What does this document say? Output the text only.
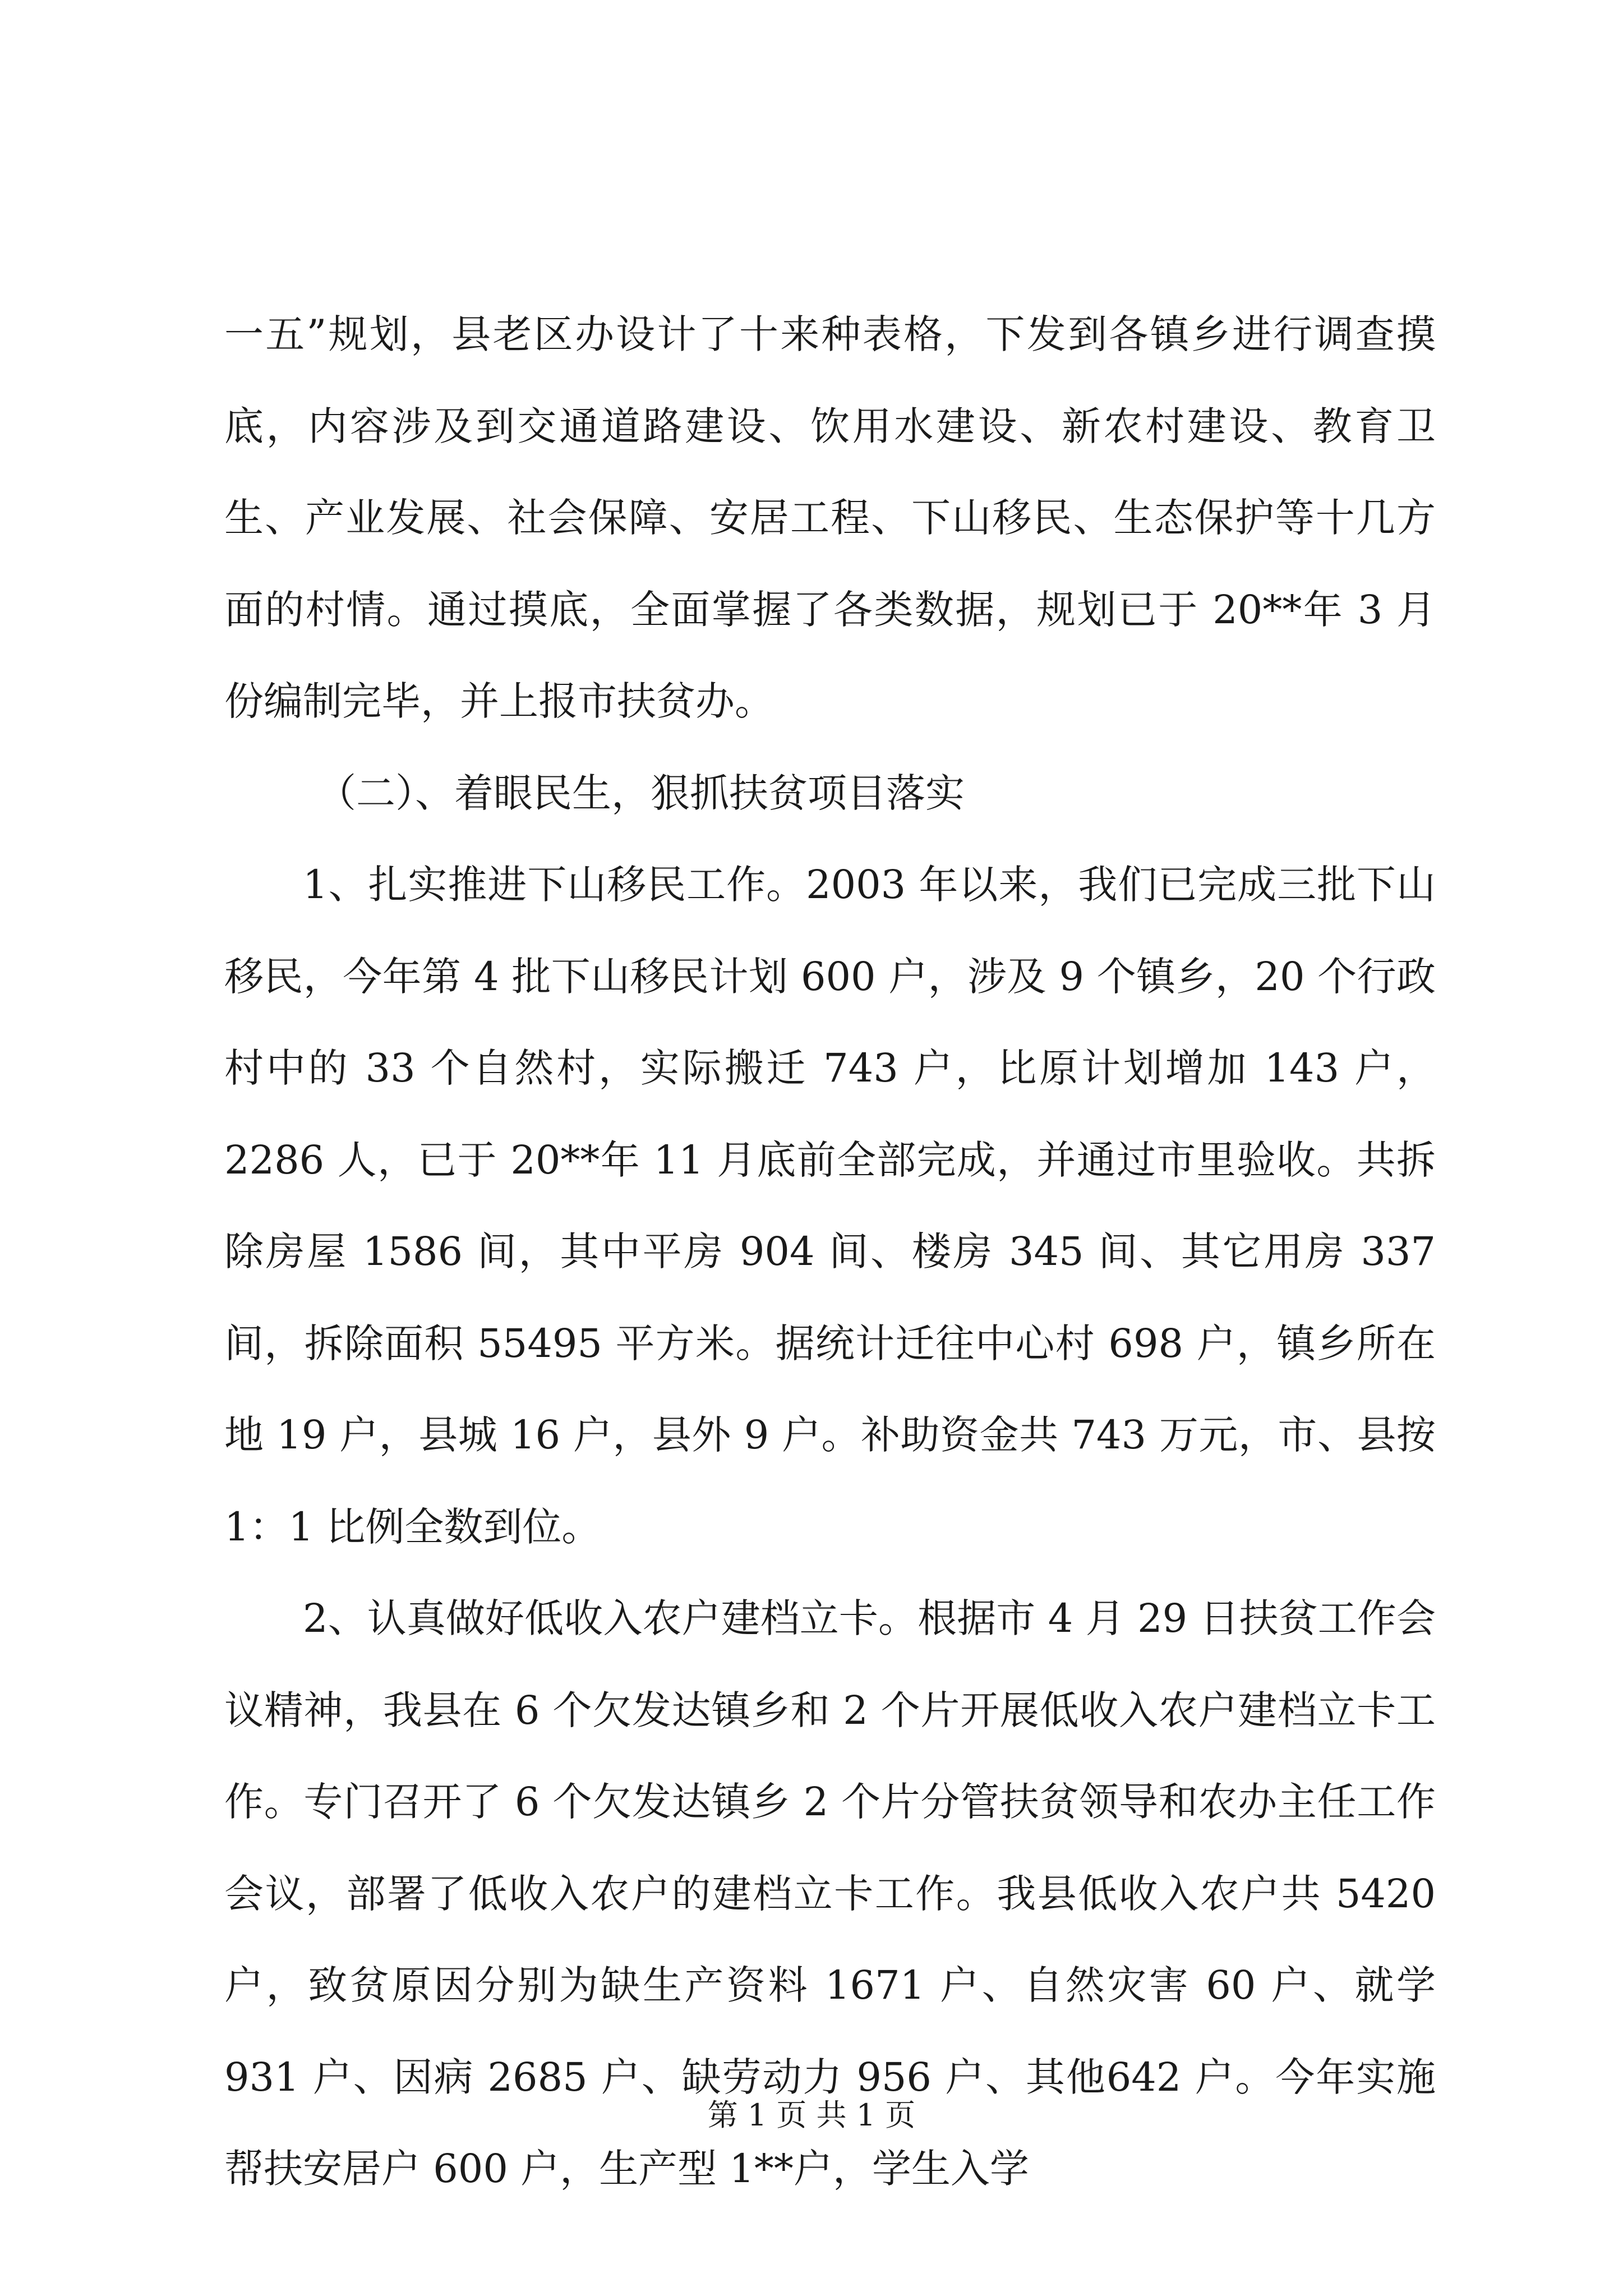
一五”规划，县老区办设计了十来种表格，下发到各镇乡进行调查摸底，内容涉及到交通道路建设、饮用水建设、新农村建设、教育卫生、产业发展、社会保障、安居工程、下山移民、生态保护等十几方面的村情。通过摸底，全面掌握了各类数据，规划已于 20**年 3 月份编制完毕，并上报市扶贫办。

（二）、着眼民生，狠抓扶贫项目落实

1、扎实推进下山移民工作。2003 年以来，我们已完成三批下山移民，今年第 4 批下山移民计划 600 户，涉及 9 个镇乡，20 个行政村中的 33 个自然村，实际搬迁 743 户，比原计划增加 143 户，2286 人，已于 20**年 11 月底前全部完成，并通过市里验收。共拆除房屋 1586 间，其中平房 904 间、楼房 345 间、其它用房 337 间，拆除面积 55495 平方米。据统计迁往中心村 698 户，镇乡所在地 19 户，县城 16 户，县外 9 户。补助资金共 743 万元，市、县按 1：1 比例全数到位。

2、认真做好低收入农户建档立卡。根据市 4 月 29 日扶贫工作会议精神，我县在 6 个欠发达镇乡和 2 个片开展低收入农户建档立卡工作。专门召开了 6 个欠发达镇乡 2 个片分管扶贫领导和农办主任工作会议，部署了低收入农户的建档立卡工作。我县低收入农户共 5420 户，致贫原因分别为缺生产资料 1671 户、自然灾害 60 户、就学 931 户、因病 2685 户、缺劳动力 956 户、其他642 户。今年实施帮扶安居户 600 户，生产型 1**户，学生入学

第 1 页 共 1 页
